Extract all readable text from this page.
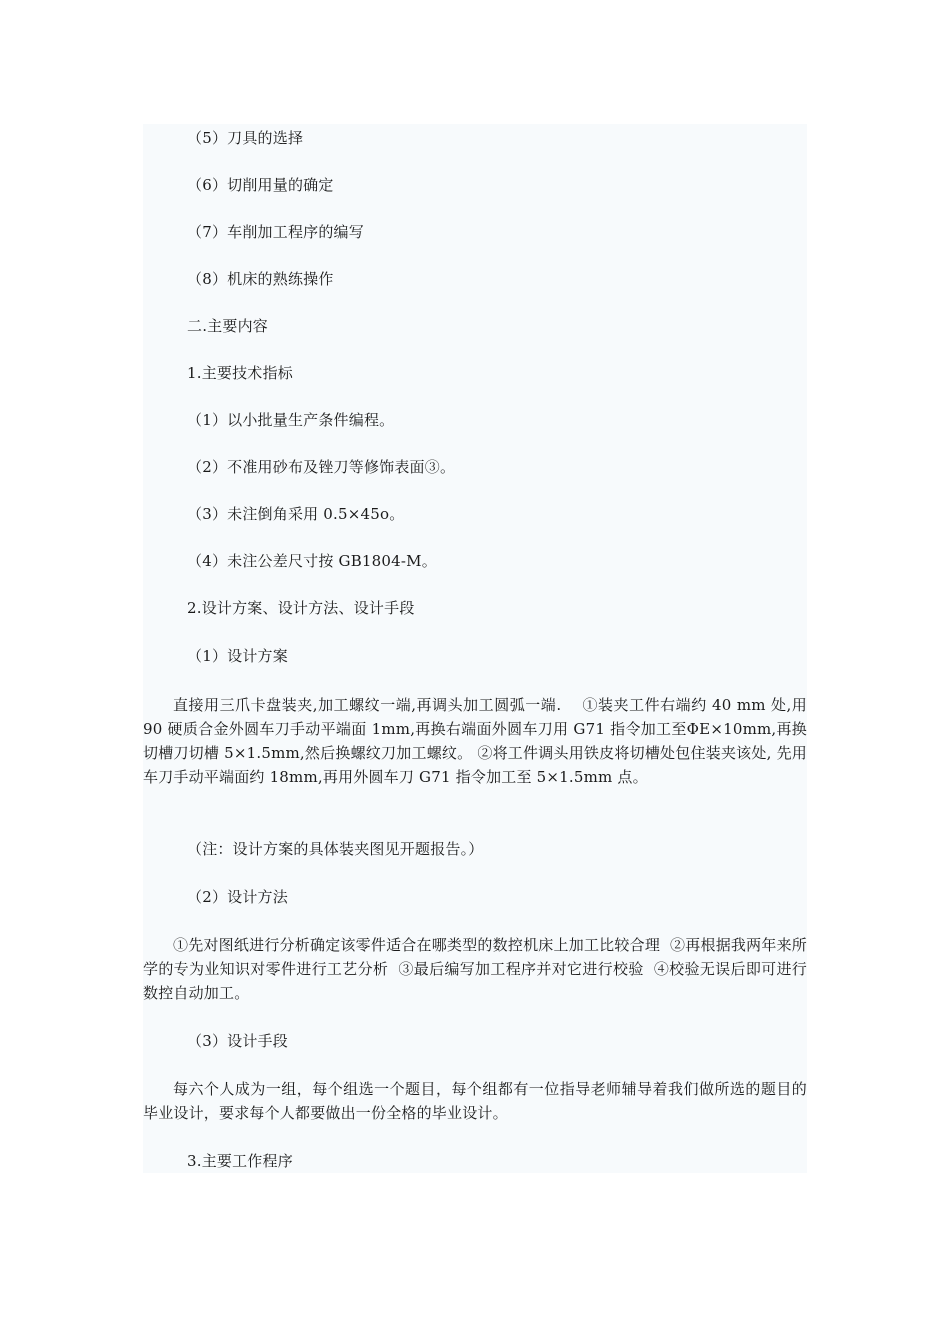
（5）刀具的选择

（6）切削用量的确定

（7）车削加工程序的编写

（8）机床的熟练操作

二.主要内容

1.主要技术指标

（1）以小批量生产条件编程。

（2）不准用砂布及锉刀等修饰表面③。

（3）未注倒角采用 0.5×45o。

（4）未注公差尺寸按 GB1804-M。

2.设计方案、设计方法、设计手段

（1）设计方案

直接用三爪卡盘装夹,加工螺纹一端,再调头加工圆弧一端.    ①装夹工件右端约 40 mm 处,用 90 硬质合金外圆车刀手动平端面 1mm,再换右端面外圆车刀用 G71 指令加工至ΦE×10mm,再换切槽刀切槽 5×1.5mm,然后换螺纹刀加工螺纹。 ②将工件调头用铁皮将切槽处包住装夹该处, 先用车刀手动平端面约 18mm,再用外圆车刀 G71 指令加工至 5×1.5mm 点。

（注：设计方案的具体装夹图见开题报告。）

（2）设计方法

①先对图纸进行分析确定该零件适合在哪类型的数控机床上加工比较合理  ②再根据我两年来所学的专为业知识对零件进行工艺分析  ③最后编写加工程序并对它进行校验  ④校验无误后即可进行数控自动加工。

（3）设计手段

每六个人成为一组，每个组选一个题目，每个组都有一位指导老师辅导着我们做所选的题目的毕业设计，要求每个人都要做出一份全格的毕业设计。

3.主要工作程序
